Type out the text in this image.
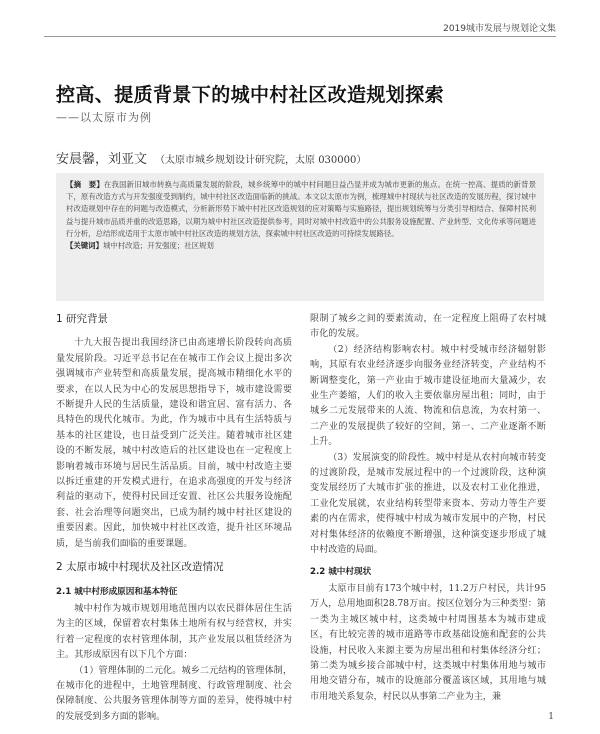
2019城市发展与规划论文集
控高、提质背景下的城中村社区改造规划探索
——以太原市为例
安晨馨，刘亚文 （太原市城乡规划设计研究院，太原 030000）
【摘　要】在我国新旧城市转换与高质量发展的阶段，城乡统筹中的城中村问题日益凸显并成为城市更新的焦点。在统一控高、提质的新背景下，原有改造方式与开发强度受到制约，城中村社区改造面临新的挑战。本文以太原市为例，梳理城中村现状与社区改造的发展历程，探讨城中村改造规划中存在的问题与改造模式，分析新形势下城中村社区改造规划的应对策略与实施路径，提出规划统筹与分类引导相结合、保障村民利益与提升城市品质并重的改造思路，以期为城中村社区改造提供参考，同时对城中村改造中的公共服务设施配置、产业转型、文化传承等问题进行分析，总结形成适用于太原市城中村社区改造的规划方法，探索城中村社区改造的可持续发展路径。
【关键词】城中村改造；开发强度；社区规划
1 研究背景

十九大报告提出我国经济已由高速增长阶段转向高质量发展阶段。习近平总书记在在城市工作会议上提出多次强调城市产业转型和高质量发展，提高城市精细化水平的要求，在以人民为中心的发展思想指导下，城市建设需要不断提升人民的生活质量，建设和谐宜居、富有活力、各具特色的现代化城市。为此，作为城市中具有生活特质与基本的社区建设，也日益受到广泛关注。随着城市社区建设的不断发展，城中村改造后的社区建设也在一定程度上影响着城市环境与居民生活品质。目前，城中村改造主要以拆迁重建的开发模式进行，在追求高强度的开发与经济利益的驱动下，使得村民回迁安置、社区公共服务设施配套、社会治理等问题突出，已成为制约城中村社区建设的重要因素。因此，加快城中村社区改造，提升社区环境品质，是当前我们面临的重要课题。

2 太原市城中村现状及社区改造情况
2.1 城中村形成原因和基本特征

城中村作为城市规划用地范围内以农民群体居住生活为主的区域，保留着农村集体土地所有权与经营权，并实行着一定程度的农村管理体制，其产业发展以租赁经济为主。其形成原因有以下几个方面：

（1）管理体制的二元化。城乡二元结构的管理体制，在城市化的进程中，土地管理制度、行政管理制度、社会保障制度、公共服务管理体制等方面的差异，使得城中村的发展受到多方面的影响。

限制了城乡之间的要素流动，在一定程度上阻碍了农村城市化的发展。

（2）经济结构影响农村。城中村受城市经济辐射影响，其原有农业经济逐步向服务业经济转变，产业结构不断调整变化，第一产业由于城市建设征地而大量减少，农业生产萎缩，人们的收入主要依靠房屋出租；同时，由于城乡二元发展带来的人流、物流和信息流，为农村第一、二产业的发展提供了较好的空间，第一、二产业逐渐不断上升。

（3）发展演变的阶段性。城中村是从农村向城市转变的过渡阶段，是城市发展过程中的一个过渡阶段，这种演变发展经历了大城市扩张的推进，以及农村工业化推进，工业化发展就，农业结构转型带来资本、劳动力等生产要素的内在需求，使得城中村成为城市发展中的产物，村民对村集体经济的依赖度不断增强，这种演变逐步形成了城中村改造的局面。

2.2 城中村现状

太原市目前有173个城中村，11.2万户村民，共计95万人，总用地面积28.78万亩。按区位划分为三种类型：第一类为主城区城中村，这类城中村周围基本为城市建成区，有比较完善的城市道路等市政基础设施和配套的公共设施，村民收入来源主要为房屋出租和村集体经济分红；第二类为城乡接合部城中村，这类城中村集体用地与城市用地交错分布，城市的设施部分覆盖该区域，其用地与城市用地关系复杂，村民以从事第二产业为主，兼

1
